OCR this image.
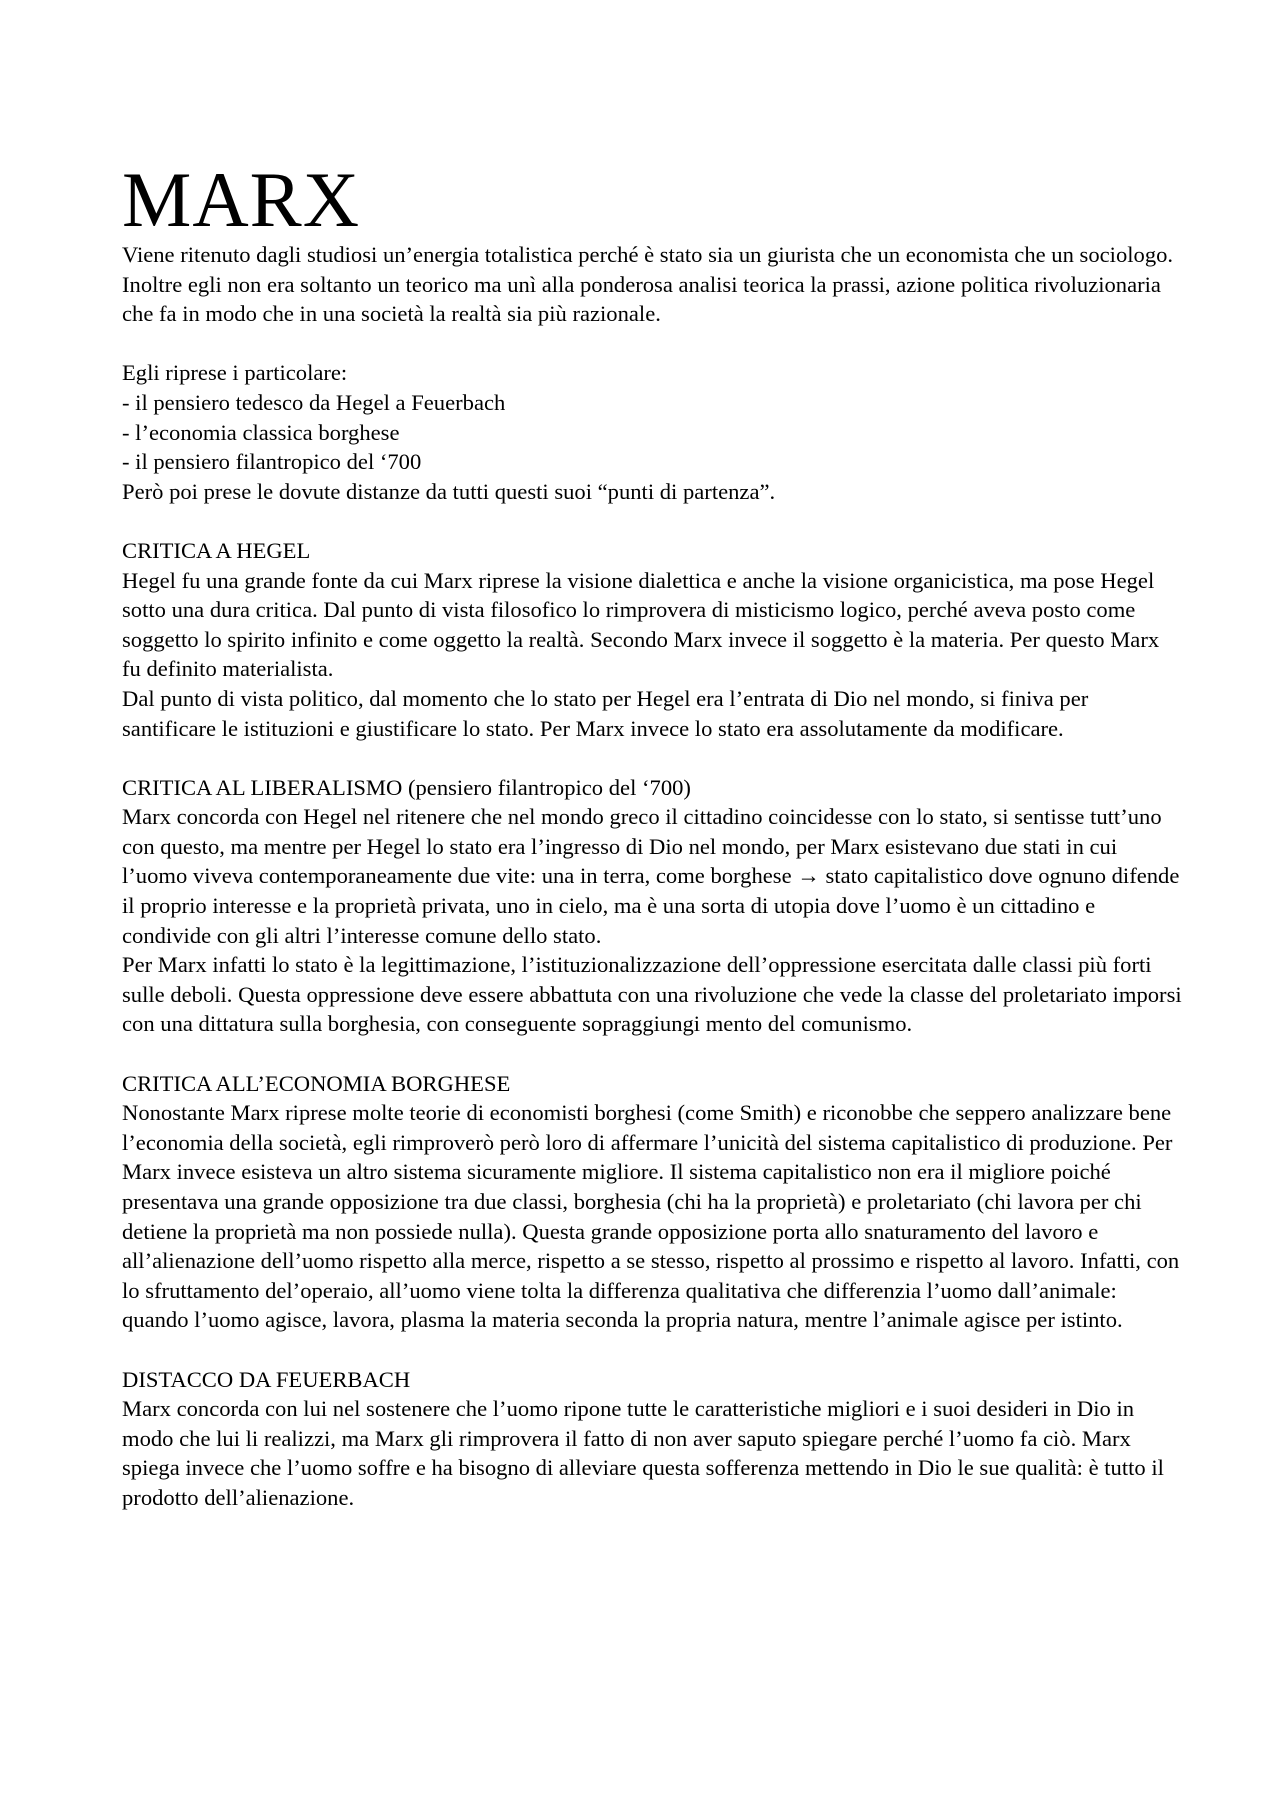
MARX

Viene ritenuto dagli studiosi un’energia totalistica perché è stato sia un giurista che un economista che un sociologo. Inoltre egli non era soltanto un teorico ma unì alla ponderosa analisi teorica la prassi, azione politica rivoluzionaria che fa in modo che in una società la realtà sia più razionale.

Egli riprese i particolare:

- il pensiero tedesco da Hegel a Feuerbach

- l’economia classica borghese

- il pensiero filantropico del ‘700

Però poi prese le dovute distanze da tutti questi suoi “punti di partenza”.

CRITICA A HEGEL

Hegel fu una grande fonte da cui Marx riprese la visione dialettica e anche la visione organicistica, ma pose Hegel sotto una dura critica. Dal punto di vista filosofico lo rimprovera di misticismo logico, perché aveva posto come soggetto lo spirito infinito e come oggetto la realtà. Secondo Marx invece il soggetto è la materia. Per questo Marx fu definito materialista.

Dal punto di vista politico, dal momento che lo stato per Hegel era l’entrata di Dio nel mondo, si finiva per santificare le istituzioni e giustificare lo stato. Per Marx invece lo stato era assolutamente da modificare.

CRITICA AL LIBERALISMO (pensiero filantropico del ‘700)

Marx concorda con Hegel nel ritenere che nel mondo greco il cittadino coincidesse con lo stato, si sentisse tutt’uno con questo, ma mentre per Hegel lo stato era l’ingresso di Dio nel mondo, per Marx esistevano due stati in cui l’uomo viveva contemporaneamente due vite: una in terra, come borghese → stato capitalistico dove ognuno difende il proprio interesse e la proprietà privata, uno in cielo, ma è una sorta di utopia dove l’uomo è un cittadino e condivide con gli altri l’interesse comune dello stato.

Per Marx infatti lo stato è la legittimazione, l’istituzionalizzazione dell’oppressione esercitata dalle classi più forti sulle deboli. Questa oppressione deve essere abbattuta con una rivoluzione che vede la classe del proletariato imporsi con una dittatura sulla borghesia, con conseguente sopraggiungi mento del comunismo.

CRITICA ALL’ECONOMIA BORGHESE

Nonostante Marx riprese molte teorie di economisti borghesi (come Smith) e riconobbe che seppero analizzare bene l’economia della società, egli rimproverò però loro di affermare l’unicità del sistema capitalistico di produzione. Per Marx invece esisteva un altro sistema sicuramente migliore. Il sistema capitalistico non era il migliore poiché presentava una grande opposizione tra due classi, borghesia (chi ha la proprietà) e proletariato (chi lavora per chi detiene la proprietà ma non possiede nulla). Questa grande opposizione porta allo snaturamento del lavoro e all’alienazione dell’uomo rispetto alla merce, rispetto a se stesso, rispetto al prossimo e rispetto al lavoro. Infatti, con lo sfruttamento del’operaio, all’uomo viene tolta la differenza qualitativa che differenzia l’uomo dall’animale: quando l’uomo agisce, lavora, plasma la materia seconda la propria natura, mentre l’animale agisce per istinto.

DISTACCO DA FEUERBACH

Marx concorda con lui nel sostenere che l’uomo ripone tutte le caratteristiche migliori e i suoi desideri in Dio in modo che lui li realizzi, ma Marx gli rimprovera il fatto di non aver saputo spiegare perché l’uomo fa ciò. Marx spiega invece che l’uomo soffre e ha bisogno di alleviare questa sofferenza mettendo in Dio le sue qualità: è tutto il prodotto dell’alienazione.
